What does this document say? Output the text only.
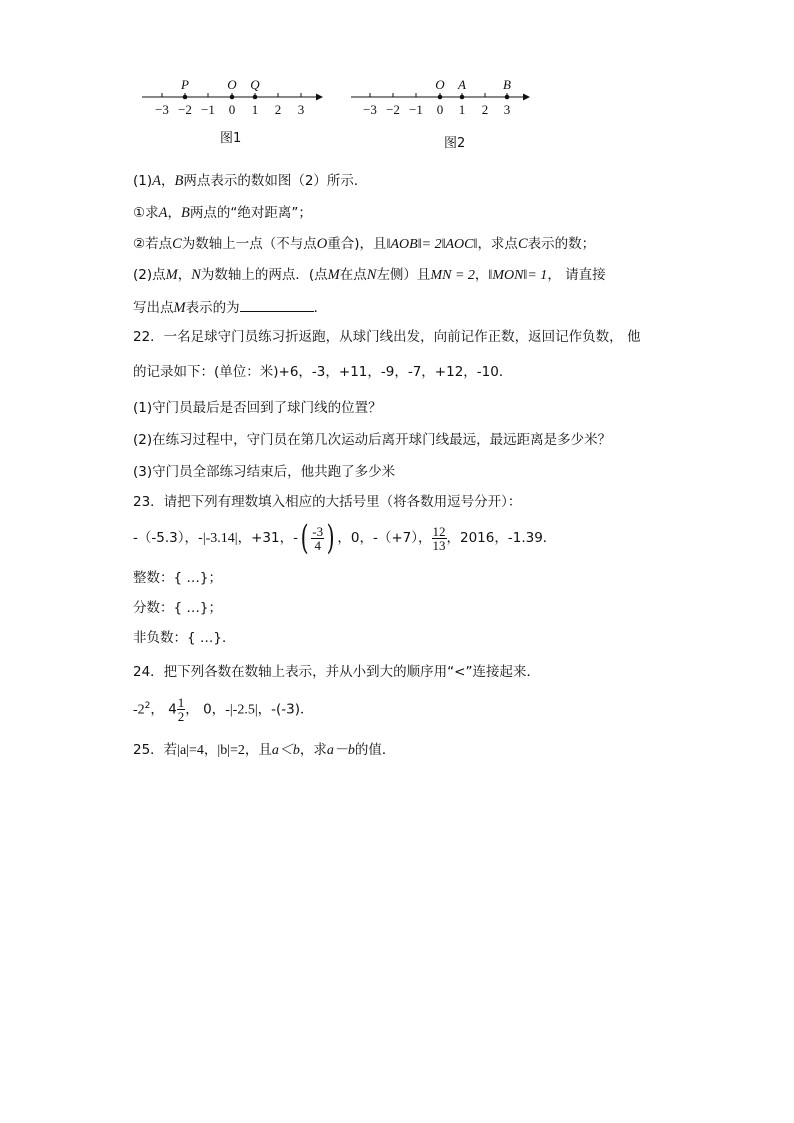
P	O Q
−3 −2 −1 0 1 2 3
O A	B
−3 −2 −1 0 1 2 3
图1	图2
(1)A，B两点表示的数如图（2）所示．
①求A，B两点的“绝对距离”；
②若点C为数轴上一点（不与点O重合)，且‖AOB‖= 2‖AOC‖，求点C表示的数；
(2)点M，N为数轴上的两点．(点M在点N左侧）且MN = 2，‖MON‖= 1， 请直接
写出点M表示的为	．
22．一名足球守门员练习折返跑，从球门线出发，向前记作正数，返回记作负数， 他
的记录如下：(单位：米)+6，-3，+11，-9，-7，+12，-10．
(1)守门员最后是否回到了球门线的位置？
(2)在练习过程中，守门员在第几次运动后离开球门线最远，最远距离是多少米？
(3)守门员全部练习结束后，他共跑了多少米
23．请把下列有理数填入相应的大括号里（将各数用逗号分开）：
-（-5.3），-|-3.14|，+31，-( $\frac{-3}{4}$ ) ，0，-（+7）， $\frac{12}{13}$ ，2016，-1.39．
整数：{ …}；
分数：{ …}；
非负数：{ …}．
24．把下列各数在数轴上表示，并从小到大的顺序用“<”连接起来．
$-2^2$， $4 \frac{1}{2}$ ， 0，-|-2.5|，-(-3)．
25．若|a|=4，|b|=2，且a＜b，求a－b的值．
